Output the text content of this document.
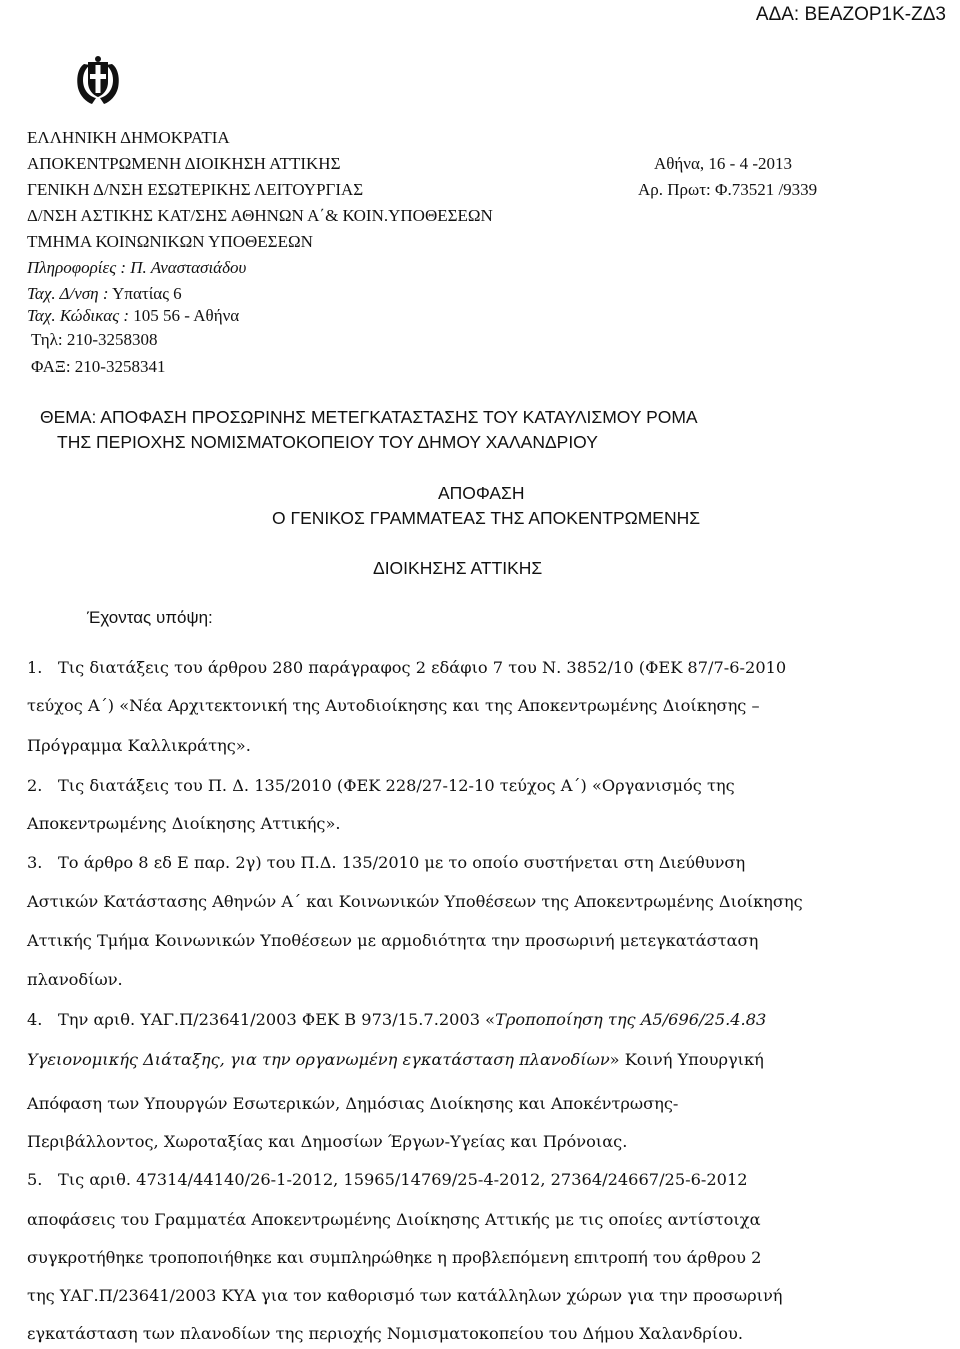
ΑΔΑ: ΒΕΑΖΟΡ1Κ-ΖΔ3
ΕΛΛΗΝΙΚΗ ΔΗΜΟΚΡΑΤΙΑ
ΑΠΟΚΕΝΤΡΩΜΕΝΗ ΔΙΟΙΚΗΣΗ ΑΤΤΙΚΗΣ
ΓΕΝΙΚΗ Δ/ΝΣΗ ΕΣΩΤΕΡΙΚΗΣ ΛΕΙΤΟΥΡΓΙΑΣ
Δ/ΝΣΗ ΑΣΤΙΚΗΣ ΚΑΤ/ΣΗΣ ΑΘΗΝΩΝ Α΄& ΚΟΙΝ.ΥΠΟΘΕΣΕΩΝ
ΤΜΗΜΑ ΚΟΙΝΩΝΙΚΩΝ ΥΠΟΘΕΣΕΩΝ
Πληροφορίες : Π. Αναστασιάδου
Ταχ. Δ/νση : Υπατίας 6
Ταχ. Κώδικας : 105 56 - Αθήνα
Τηλ: 210-3258308
ΦΑΞ: 210-3258341
Αθήνα, 16 - 4 -2013
Αρ. Πρωτ: Φ.73521 /9339
ΘΕΜΑ: ΑΠΟΦΑΣΗ ΠΡΟΣΩΡΙΝΗΣ ΜΕΤΕΓΚΑΤΑΣΤΑΣΗΣ ΤΟΥ ΚΑΤΑΥΛΙΣΜΟΥ ΡΟΜΑ
ΤΗΣ ΠΕΡΙΟΧΗΣ ΝΟΜΙΣΜΑΤΟΚΟΠΕΙΟΥ ΤΟΥ ΔΗΜΟΥ ΧΑΛΑΝΔΡΙΟΥ
ΑΠΟΦΑΣΗ
Ο ΓΕΝΙΚΟΣ ΓΡΑΜΜΑΤΕΑΣ ΤΗΣ ΑΠΟΚΕΝΤΡΩΜΕΝΗΣ
ΔΙΟΙΚΗΣΗΣ ΑΤΤΙΚΗΣ
Έχοντας υπόψη:
1. Τις διατάξεις του άρθρου 280 παράγραφος 2 εδάφιο 7 του Ν. 3852/10 (ΦΕΚ 87/7-6-2010
τεύχος Α΄) «Νέα Αρχιτεκτονική της Αυτοδιοίκησης και της Αποκεντρωμένης Διοίκησης –
Πρόγραμμα Καλλικράτης».
2. Τις διατάξεις του Π. Δ. 135/2010 (ΦΕΚ 228/27-12-10 τεύχος Α΄) «Οργανισμός της
Αποκεντρωμένης Διοίκησης Αττικής».
3. Το άρθρο 8 εδ Ε παρ. 2γ) του Π.Δ. 135/2010 με το οποίο συστήνεται στη Διεύθυνση
Αστικών Κατάστασης Αθηνών Α΄ και Κοινωνικών Υποθέσεων της Αποκεντρωμένης Διοίκησης
Αττικής Τμήμα Κοινωνικών Υποθέσεων με αρμοδιότητα την προσωρινή μετεγκατάσταση
πλανοδίων.
4. Την αριθ. ΥΑΓ.Π/23641/2003 ΦΕΚ Β 973/15.7.2003 «Τροποποίηση της Α5/696/25.4.83
Υγειονομικής Διάταξης, για την οργανωμένη εγκατάσταση πλανοδίων» Κοινή Υπουργική
Απόφαση των Υπουργών Εσωτερικών, Δημόσιας Διοίκησης και Αποκέντρωσης-
Περιβάλλοντος, Χωροταξίας και Δημοσίων Έργων-Υγείας και Πρόνοιας.
5. Τις αριθ. 47314/44140/26-1-2012, 15965/14769/25-4-2012, 27364/24667/25-6-2012
αποφάσεις του Γραμματέα Αποκεντρωμένης Διοίκησης Αττικής με τις οποίες αντίστοιχα
συγκροτήθηκε τροποποιήθηκε και συμπληρώθηκε η προβλεπόμενη επιτροπή του άρθρου 2
της ΥΑΓ.Π/23641/2003 ΚΥΑ για τον καθορισμό των κατάλληλων χώρων για την προσωρινή
εγκατάσταση των πλανοδίων της περιοχής Νομισματοκοπείου του Δήμου Χαλανδρίου.
